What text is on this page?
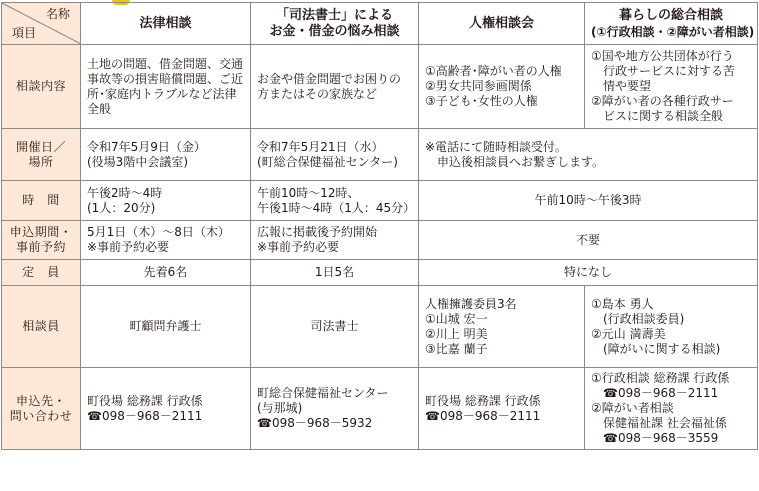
名称
項目	法律相談	「司法書士」による
お金・借金の悩み相談	人権相談会	暮らしの総合相談
(①行政相談・②障がい者相談)

相談内容	土地の問題、借金問題、交通事故等の損害賠償問題、ご近所･家庭内トラブルなど法律全般	お金や借金問題でお困りの方またはその家族など	①高齢者･障がい者の人権
②男女共同参画関係
③子ども･女性の人権	①国や地方公共団体が行う
行政サービスに対する苦
情や要望
②障がい者の各種行政サー
ビスに関する相談全般

開催日／
場所	令和7年5月9日（金）
(役場3階中会議室)	令和7年5月21日（水）
(町総合保健福祉センター)	※電話にて随時相談受付。
申込後相談員へお繋ぎします。	

時　間	午後2時～4時
(1人：20分)	午前10時～12時、
午後1時～4時（1人：45分）	午前10時～午後3時	

申込期間・
事前予約	5月1日（木）～8日（木）
※事前予約必要	広報に掲載後予約開始
※事前予約必要	不要	
定　員	先着6名	1日5名	特になし	
相談員	町顧問弁護士	司法書士	人権擁護委員3名
①山城 宏一
②川上 明美
③比嘉 蘭子	①島本 勇人
(行政相談委員)
②元山 満壽美
(障がいに関する相談)

申込先・
問い合わせ	町役場 総務課 行政係
☎098－968－2111	町総合保健福祉センター
(与那城)
☎098－968－5932	町役場 総務課 行政係
☎098－968－2111	①行政相談 総務課 行政係
☎098－968－2111
②障がい者相談
保健福祉課 社会福祉係
☎098－968－3559
